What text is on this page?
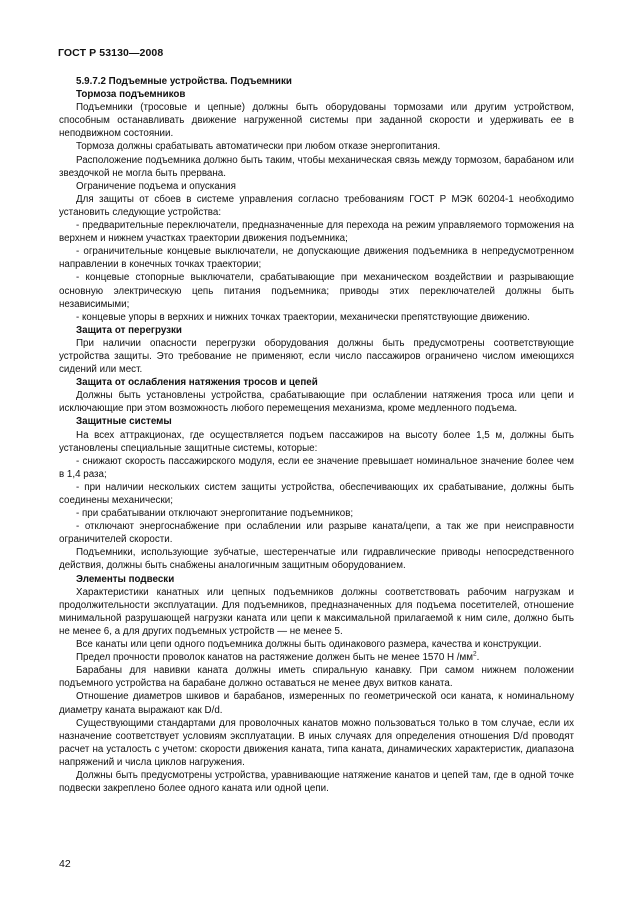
ГОСТ Р 53130—2008
5.9.7.2 Подъемные устройства. Подъемники
Тормоза подъемников
Подъемники (тросовые и цепные) должны быть оборудованы тормозами или другим устройством, способным останавливать движение нагруженной системы при заданной скорости и удерживать ее в неподвижном состоянии.
Тормоза должны срабатывать автоматически при любом отказе энергопитания.
Расположение подъемника должно быть таким, чтобы механическая связь между тормозом, барабаном или звездочкой не могла быть прервана.
Ограничение подъема и опускания
Для защиты от сбоев в системе управления согласно требованиям ГОСТ Р МЭК 60204-1 необходимо установить следующие устройства:
- предварительные переключатели, предназначенные для перехода на режим управляемого торможения на верхнем и нижнем участках траектории движения подъемника;
- ограничительные концевые выключатели, не допускающие движения подъемника в непредусмотренном направлении в конечных точках траектории;
- концевые стопорные выключатели, срабатывающие при механическом воздействии и разрывающие основную электрическую цепь питания подъемника; приводы этих переключателей должны быть независимыми;
- концевые упоры в верхних и нижних точках траектории, механически препятствующие движению.
Защита от перегрузки
При наличии опасности перегрузки оборудования должны быть предусмотрены соответствующие устройства защиты. Это требование не применяют, если число пассажиров ограничено числом имеющихся сидений или мест.
Защита от ослабления натяжения тросов и цепей
Должны быть установлены устройства, срабатывающие при ослаблении натяжения троса или цепи и исключающие при этом возможность любого перемещения механизма, кроме медленного подъема.
Защитные системы
На всех аттракционах, где осуществляется подъем пассажиров на высоту более 1,5 м, должны быть установлены специальные защитные системы, которые:
- снижают скорость пассажирского модуля, если ее значение превышает номинальное значение более чем в 1,4 раза;
- при наличии нескольких систем защиты устройства, обеспечивающих их срабатывание, должны быть соединены механически;
- при срабатывании отключают энергопитание подъемников;
- отключают энергоснабжение при ослаблении или разрыве каната/цепи, а так же при неисправности ограничителей скорости.
Подъемники, использующие зубчатые, шестеренчатые или гидравлические приводы непосредственного действия, должны быть снабжены аналогичным защитным оборудованием.
Элементы подвески
Характеристики канатных или цепных подъемников должны соответствовать рабочим нагрузкам и продолжительности эксплуатации. Для подъемников, предназначенных для подъема посетителей, отношение минимальной разрушающей нагрузки каната или цепи к максимальной прилагаемой к ним силе, должно быть не менее 6, а для других подъемных устройств — не менее 5.
Все канаты или цепи одного подъемника должны быть одинакового размера, качества и конструкции.
Предел прочности проволок канатов на растяжение должен быть не менее 1570 Н $/мм^2$.
Барабаны для навивки каната должны иметь спиральную канавку. При самом нижнем положении подъемного устройства на барабане должно оставаться не менее двух витков каната.
Отношение диаметров шкивов и барабанов, измеренных по геометрической оси каната, к номинальному диаметру каната выражают как D/d.
Существующими стандартами для проволочных канатов можно пользоваться только в том случае, если их назначение соответствует условиям эксплуатации. В иных случаях для определения отношения D/d проводят расчет на усталость с учетом: скорости движения каната, типа каната, динамических характеристик, диапазона напряжений и числа циклов нагружения.
Должны быть предусмотрены устройства, уравнивающие натяжение канатов и цепей там, где в одной точке подвески закреплено более одного каната или одной цепи.
42
